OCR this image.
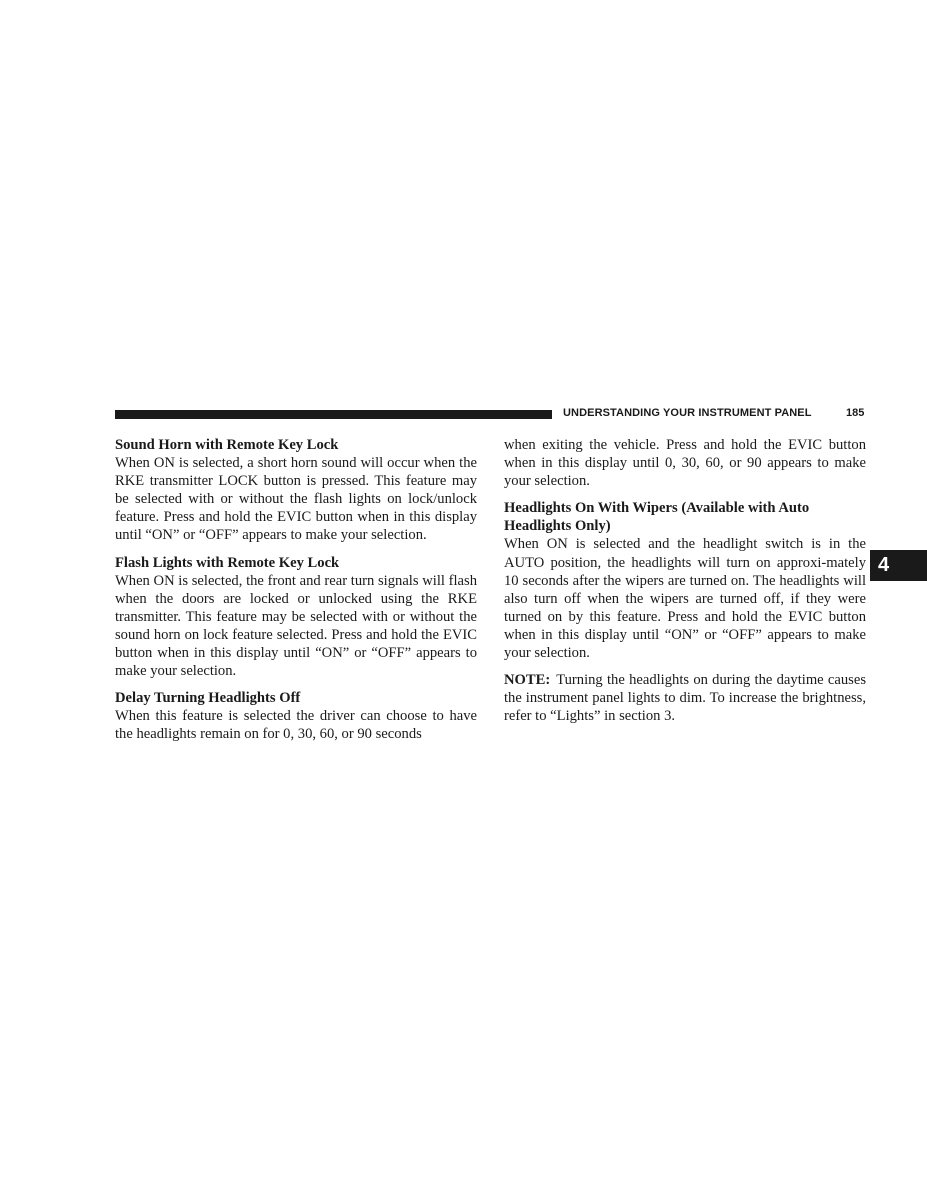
UNDERSTANDING YOUR INSTRUMENT PANEL	185
4
Sound Horn with Remote Key Lock
When ON is selected, a short horn sound will occur when the RKE transmitter LOCK button is pressed. This feature may be selected with or without the flash lights on lock/unlock feature. Press and hold the EVIC button when in this display until “ON” or “OFF” appears to make your selection.
Flash Lights with Remote Key Lock
When ON is selected, the front and rear turn signals will flash when the doors are locked or unlocked using the RKE transmitter. This feature may be selected with or without the sound horn on lock feature selected. Press and hold the EVIC button when in this display until “ON” or “OFF” appears to make your selection.
Delay Turning Headlights Off
When this feature is selected the driver can choose to have the headlights remain on for 0, 30, 60, or 90 seconds
when exiting the vehicle. Press and hold the EVIC button when in this display until 0, 30, 60, or 90 appears to make your selection.
Headlights On With Wipers (Available with Auto Headlights Only)
When ON is selected and the headlight switch is in the AUTO position, the headlights will turn on approxi-mately 10 seconds after the wipers are turned on. The headlights will also turn off when the wipers are turned off, if they were turned on by this feature. Press and hold the EVIC button when in this display until “ON” or “OFF” appears to make your selection.
NOTE: Turning the headlights on during the daytime causes the instrument panel lights to dim. To increase the brightness, refer to “Lights” in section 3.
